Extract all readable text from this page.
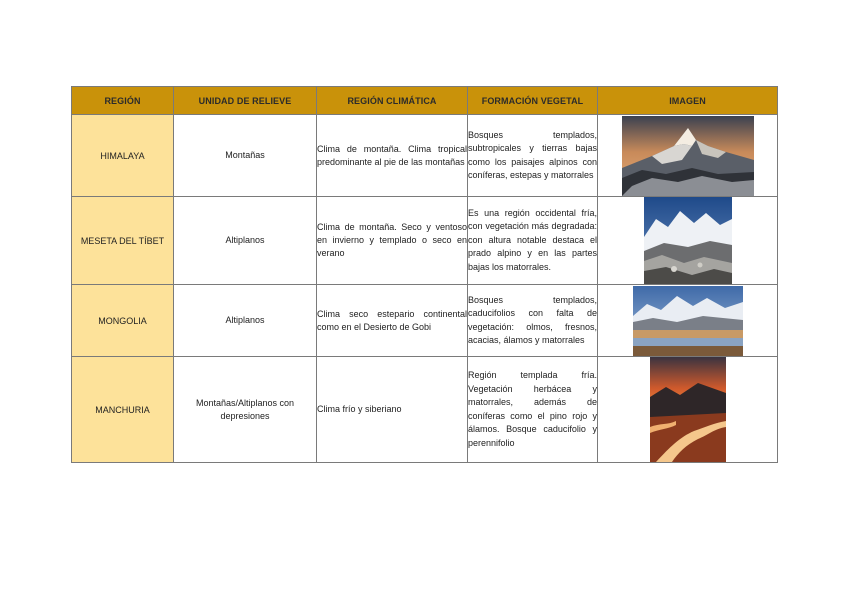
REGIÓN	UNIDAD DE RELIEVE	REGIÓN CLIMÁTICA	FORMACIÓN VEGETAL	IMAGEN
HIMALAYA	Montañas	Clima de montaña. Clima tropical predominante al pie de las montañas	Bosques templados, subtropicales y tierras bajas como los paisajes alpinos con coníferas, estepas y matorrales	

MESETA DEL TÍBET	Altiplanos	Clima de montaña. Seco y ventoso en invierno y templado o seco en verano	Es una región occidental fría, con vegetación más degradada: con altura notable destaca el prado alpino y en las partes bajas los matorrales.	

MONGOLIA	Altiplanos	Clima seco estepario continental como en el Desierto de Gobi	Bosques templados, caducifolios con falta de vegetación: olmos, fresnos, acacias, álamos y matorrales	

MANCHURIA	Montañas/Altiplanos con depresiones	Clima frío y siberiano	Región templada fría. Vegetación herbácea y matorrales, además de coníferas como el pino rojo y álamos. Bosque caducifolio y perennifolio	
